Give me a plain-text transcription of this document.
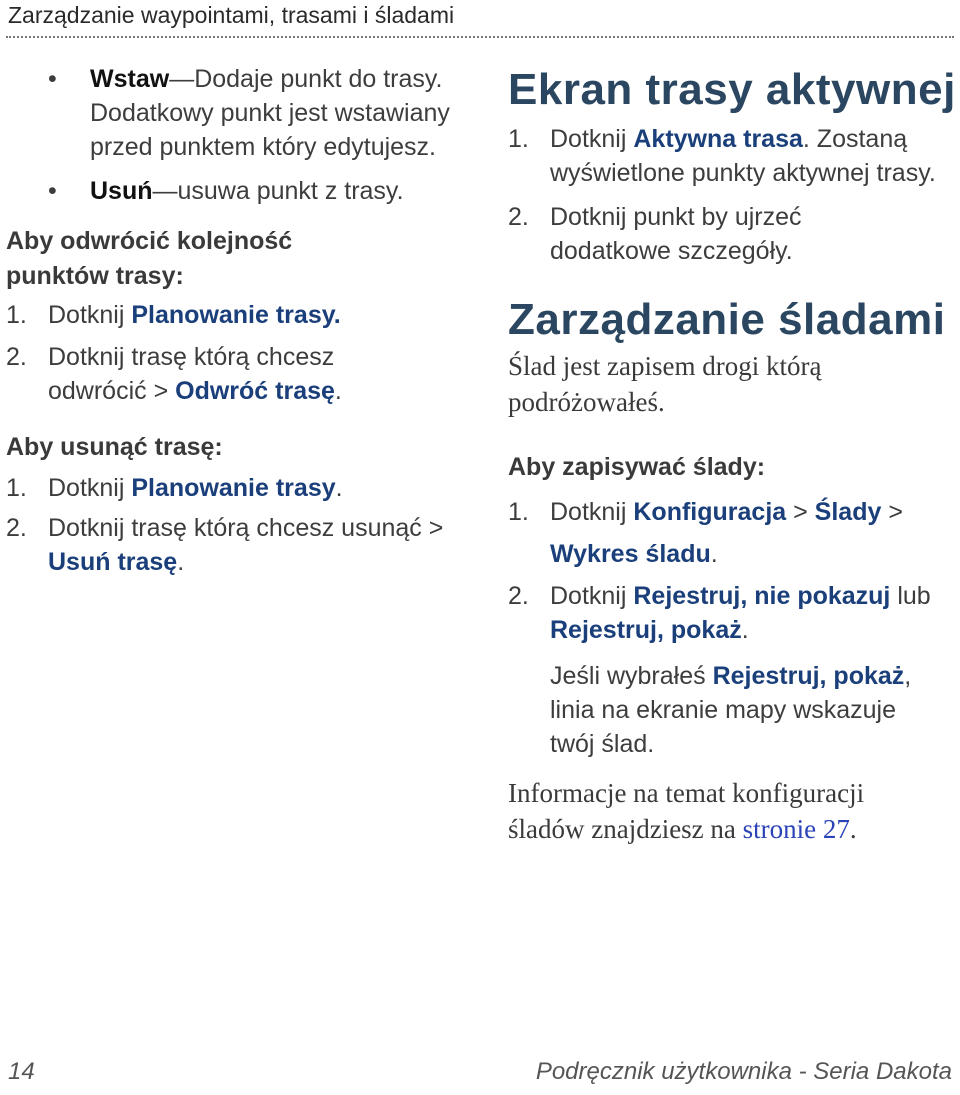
Zarządzanie waypointami, trasami i śladami
• Wstaw—Dodaje punkt do trasy. Dodatkowy punkt jest wstawiany przed punktem który edytujesz.
• Usuń—usuwa punkt z trasy.
Aby odwrócić kolejność punktów trasy:
1. Dotknij Planowanie trasy.
2. Dotknij trasę którą chcesz odwrócić > Odwróć trasę.
Aby usunąć trasę:
1. Dotknij Planowanie trasy.
2. Dotknij trasę którą chcesz usunąć > Usuń trasę.
Ekran trasy aktywnej
1. Dotknij Aktywna trasa. Zostaną wyświetlone punkty aktywnej trasy.
2. Dotknij punkt by ujrzeć dodatkowe szczegóły.
Zarządzanie śladami
Ślad jest zapisem drogi którą podróżowałeś.
Aby zapisywać ślady:
1. Dotknij Konfiguracja > Ślady > Wykres śladu.
2. Dotknij Rejestruj, nie pokazuj lub Rejestruj, pokaż.
Jeśli wybrałeś Rejestruj, pokaż, linia na ekranie mapy wskazuje twój ślad.
Informacje na temat konfiguracji śladów znajdziesz na stronie 27.
14	Podręcznik użytkownika - Seria Dakota
